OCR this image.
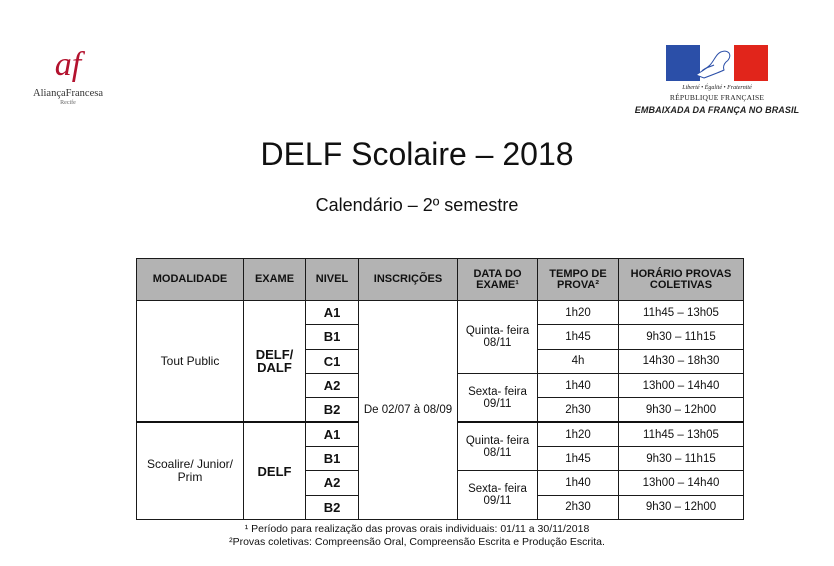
af
AliançaFrancesa
Recife
Liberté • Égalité • Fraternité
RÉPUBLIQUE FRANÇAISE
EMBAIXADA DA FRANÇA NO BRASIL
DELF Scolaire – 2018
Calendário – 2º semestre
MODALIDADE	EXAME	NIVEL	INSCRIÇÕES	DATA DO EXAME¹	TEMPO DE PROVA²	HORÁRIO PROVAS COLETIVAS
Tout Public	DELF/ DALF	A1	De 02/07 à 08/09	Quinta- feira 08/11	1h20	11h45 – 13h05
		B1			1h45	9h30 – 11h15
		C1			4h	14h30 – 18h30
		A2		Sexta- feira 09/11	1h40	13h00 – 14h40
		B2			2h30	9h30 – 12h00
Scoalire/ Junior/ Prim	DELF	A1		Quinta- feira 08/11	1h20	11h45 – 13h05
		B1			1h45	9h30 – 11h15
		A2		Sexta- feira 09/11	1h40	13h00 – 14h40
		B2			2h30	9h30 – 12h00
¹ Período para realização das provas orais individuais: 01/11 a 30/11/2018
²Provas coletivas: Compreensão Oral, Compreensão Escrita e Produção Escrita.
